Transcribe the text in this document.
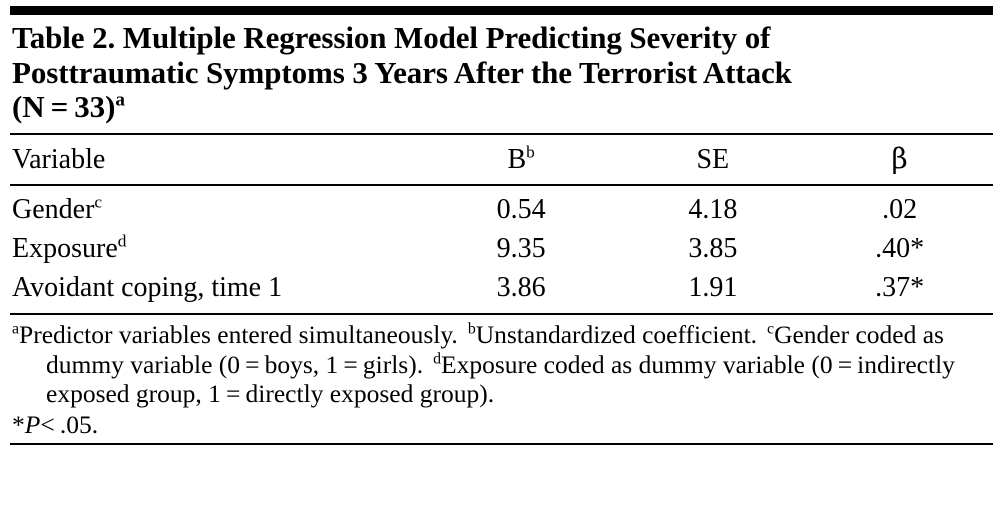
Table 2. Multiple Regression Model Predicting Severity of
Posttraumatic Symptoms 3 Years After the Terrorist Attack
(N = 33)$^a$
Variable	$B^b$	SE	β
Gender$^c$	0.54	4.18	.02
Exposure$^d$	9.35	3.85	.40*
Avoidant coping, time 1	3.86	1.91	.37*

$^a$Predictor variables entered simultaneously. $^b$Unstandardized coefficient. $^c$Gender coded as dummy variable (0 = boys, 1 = girls). $^d$Exposure coded as dummy variable (0 = indirectly exposed group, 1 = directly exposed group).

*P< .05.
